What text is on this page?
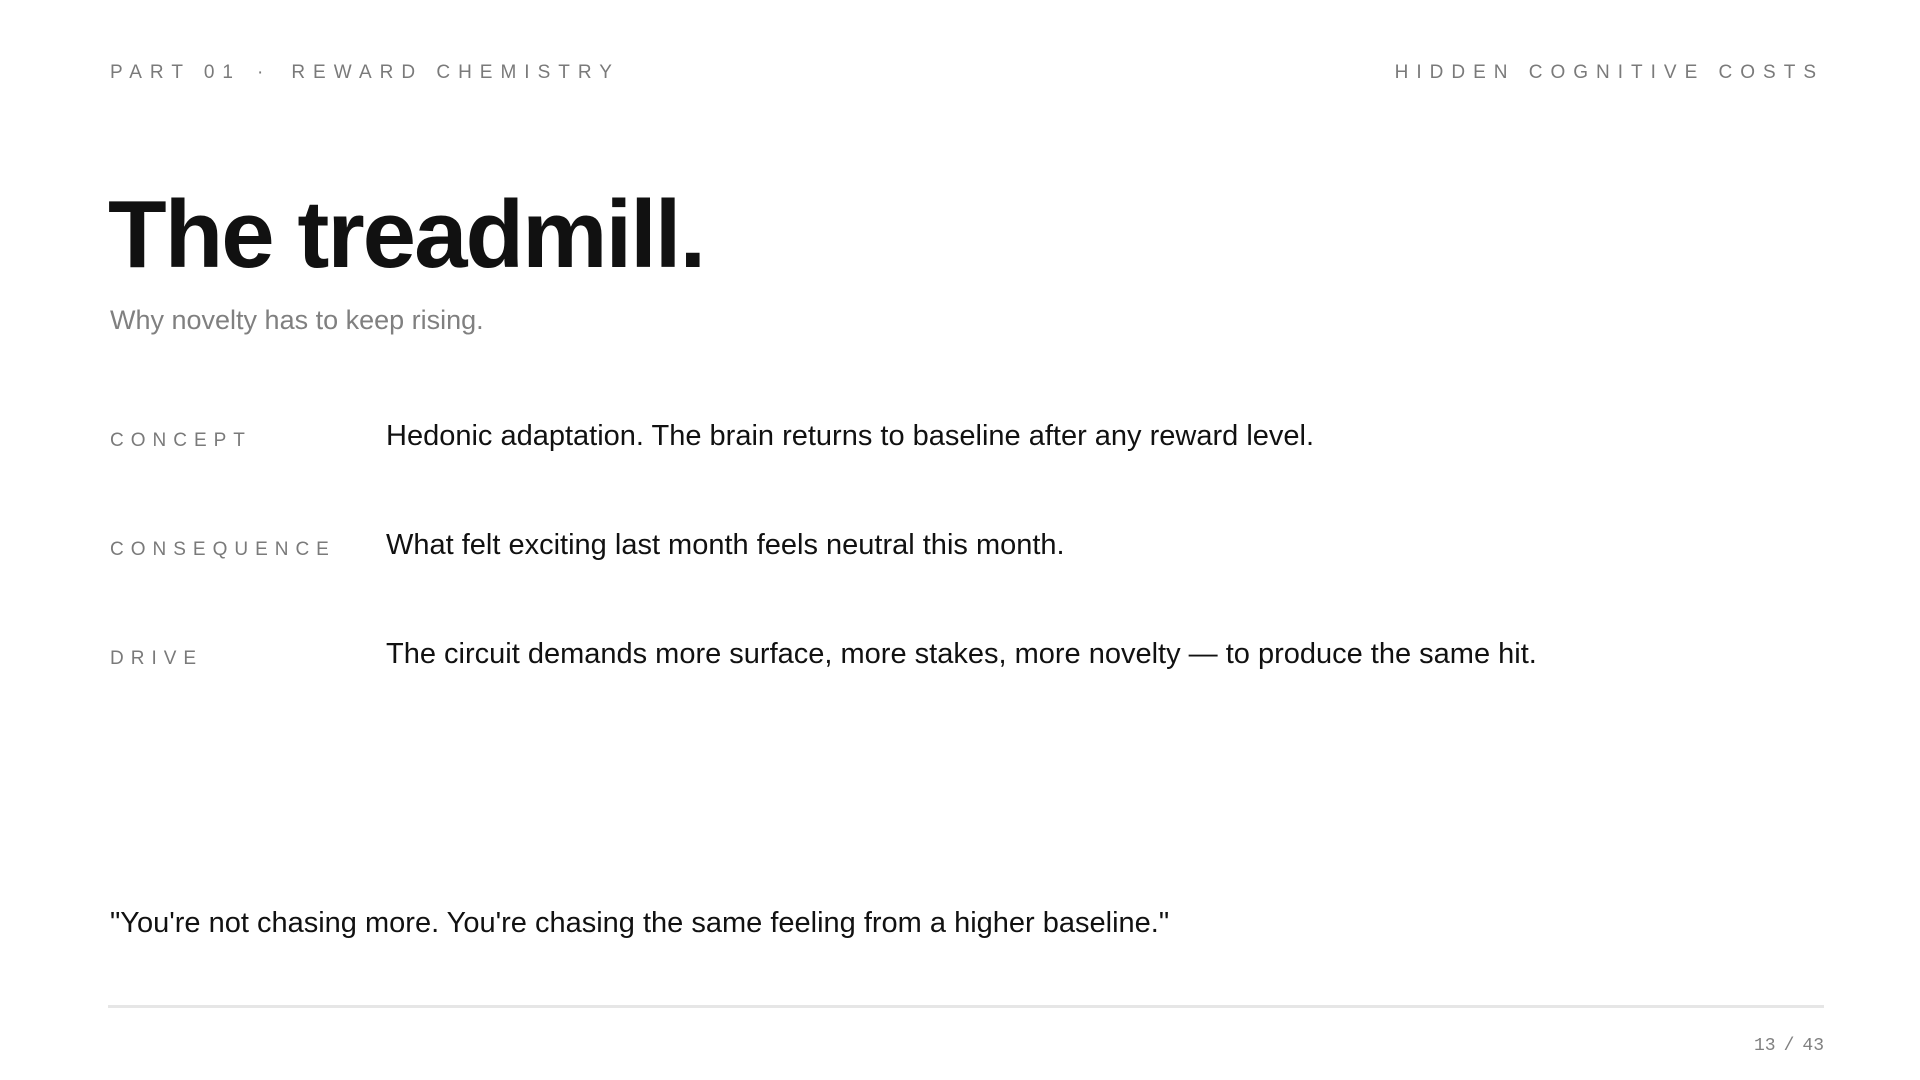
PART 01 · REWARD CHEMISTRY	HIDDEN COGNITIVE COSTS
The treadmill.
Why novelty has to keep rising.
CONCEPT	Hedonic adaptation. The brain returns to baseline after any reward level.
CONSEQUENCE What felt exciting last month feels neutral this month.
DRIVE	The circuit demands more surface, more stakes, more novelty — to produce the same hit.
"You're not chasing more. You're chasing the same feeling from a higher baseline."
13 / 43
